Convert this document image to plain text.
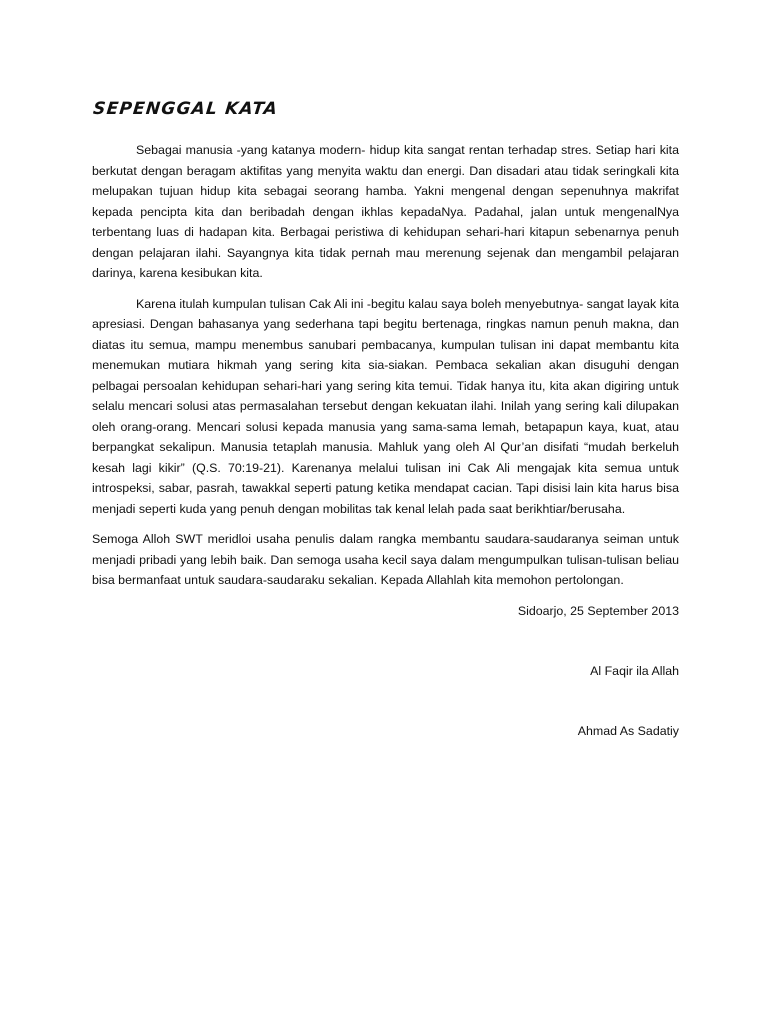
SEPENGGAL KATA

Sebagai manusia -yang katanya modern- hidup kita sangat rentan terhadap stres. Setiap hari kita berkutat dengan beragam aktifitas yang menyita waktu dan energi. Dan disadari atau tidak seringkali kita melupakan tujuan hidup kita sebagai seorang hamba. Yakni mengenal dengan sepenuhnya makrifat kepada pencipta kita dan beribadah dengan ikhlas kepadaNya. Padahal, jalan untuk mengenalNya terbentang luas di hadapan kita. Berbagai peristiwa di kehidupan sehari-hari kitapun sebenarnya penuh dengan pelajaran ilahi. Sayangnya kita tidak pernah mau merenung sejenak dan mengambil pelajaran darinya, karena kesibukan kita.

Karena itulah kumpulan tulisan Cak Ali ini -begitu kalau saya boleh menyebutnya- sangat layak kita apresiasi. Dengan bahasanya yang sederhana tapi begitu bertenaga, ringkas namun penuh makna, dan diatas itu semua, mampu menembus sanubari pembacanya, kumpulan tulisan ini dapat membantu kita menemukan mutiara hikmah yang sering kita sia-siakan. Pembaca sekalian akan disuguhi dengan pelbagai persoalan kehidupan sehari-hari yang sering kita temui. Tidak hanya itu, kita akan digiring untuk selalu mencari solusi atas permasalahan tersebut dengan kekuatan ilahi. Inilah yang sering kali dilupakan oleh orang-orang. Mencari solusi kepada manusia yang sama-sama lemah, betapapun kaya, kuat, atau berpangkat sekalipun. Manusia tetaplah manusia. Mahluk yang oleh Al Qur’an disifati “mudah berkeluh kesah lagi kikir” (Q.S. 70:19-21). Karenanya melalui tulisan ini Cak Ali mengajak kita semua untuk introspeksi, sabar, pasrah, tawakkal seperti patung ketika mendapat cacian. Tapi disisi lain kita harus bisa menjadi seperti kuda yang penuh dengan mobilitas tak kenal lelah pada saat berikhtiar/berusaha.

Semoga Alloh SWT meridloi usaha penulis dalam rangka membantu saudara-saudaranya seiman untuk menjadi pribadi yang lebih baik. Dan semoga usaha kecil saya dalam mengumpulkan tulisan-tulisan beliau bisa bermanfaat untuk saudara-saudaraku sekalian. Kepada Allahlah kita memohon pertolongan.

Sidoarjo, 25 September 2013

Al Faqir ila Allah

Ahmad As Sadatiy
